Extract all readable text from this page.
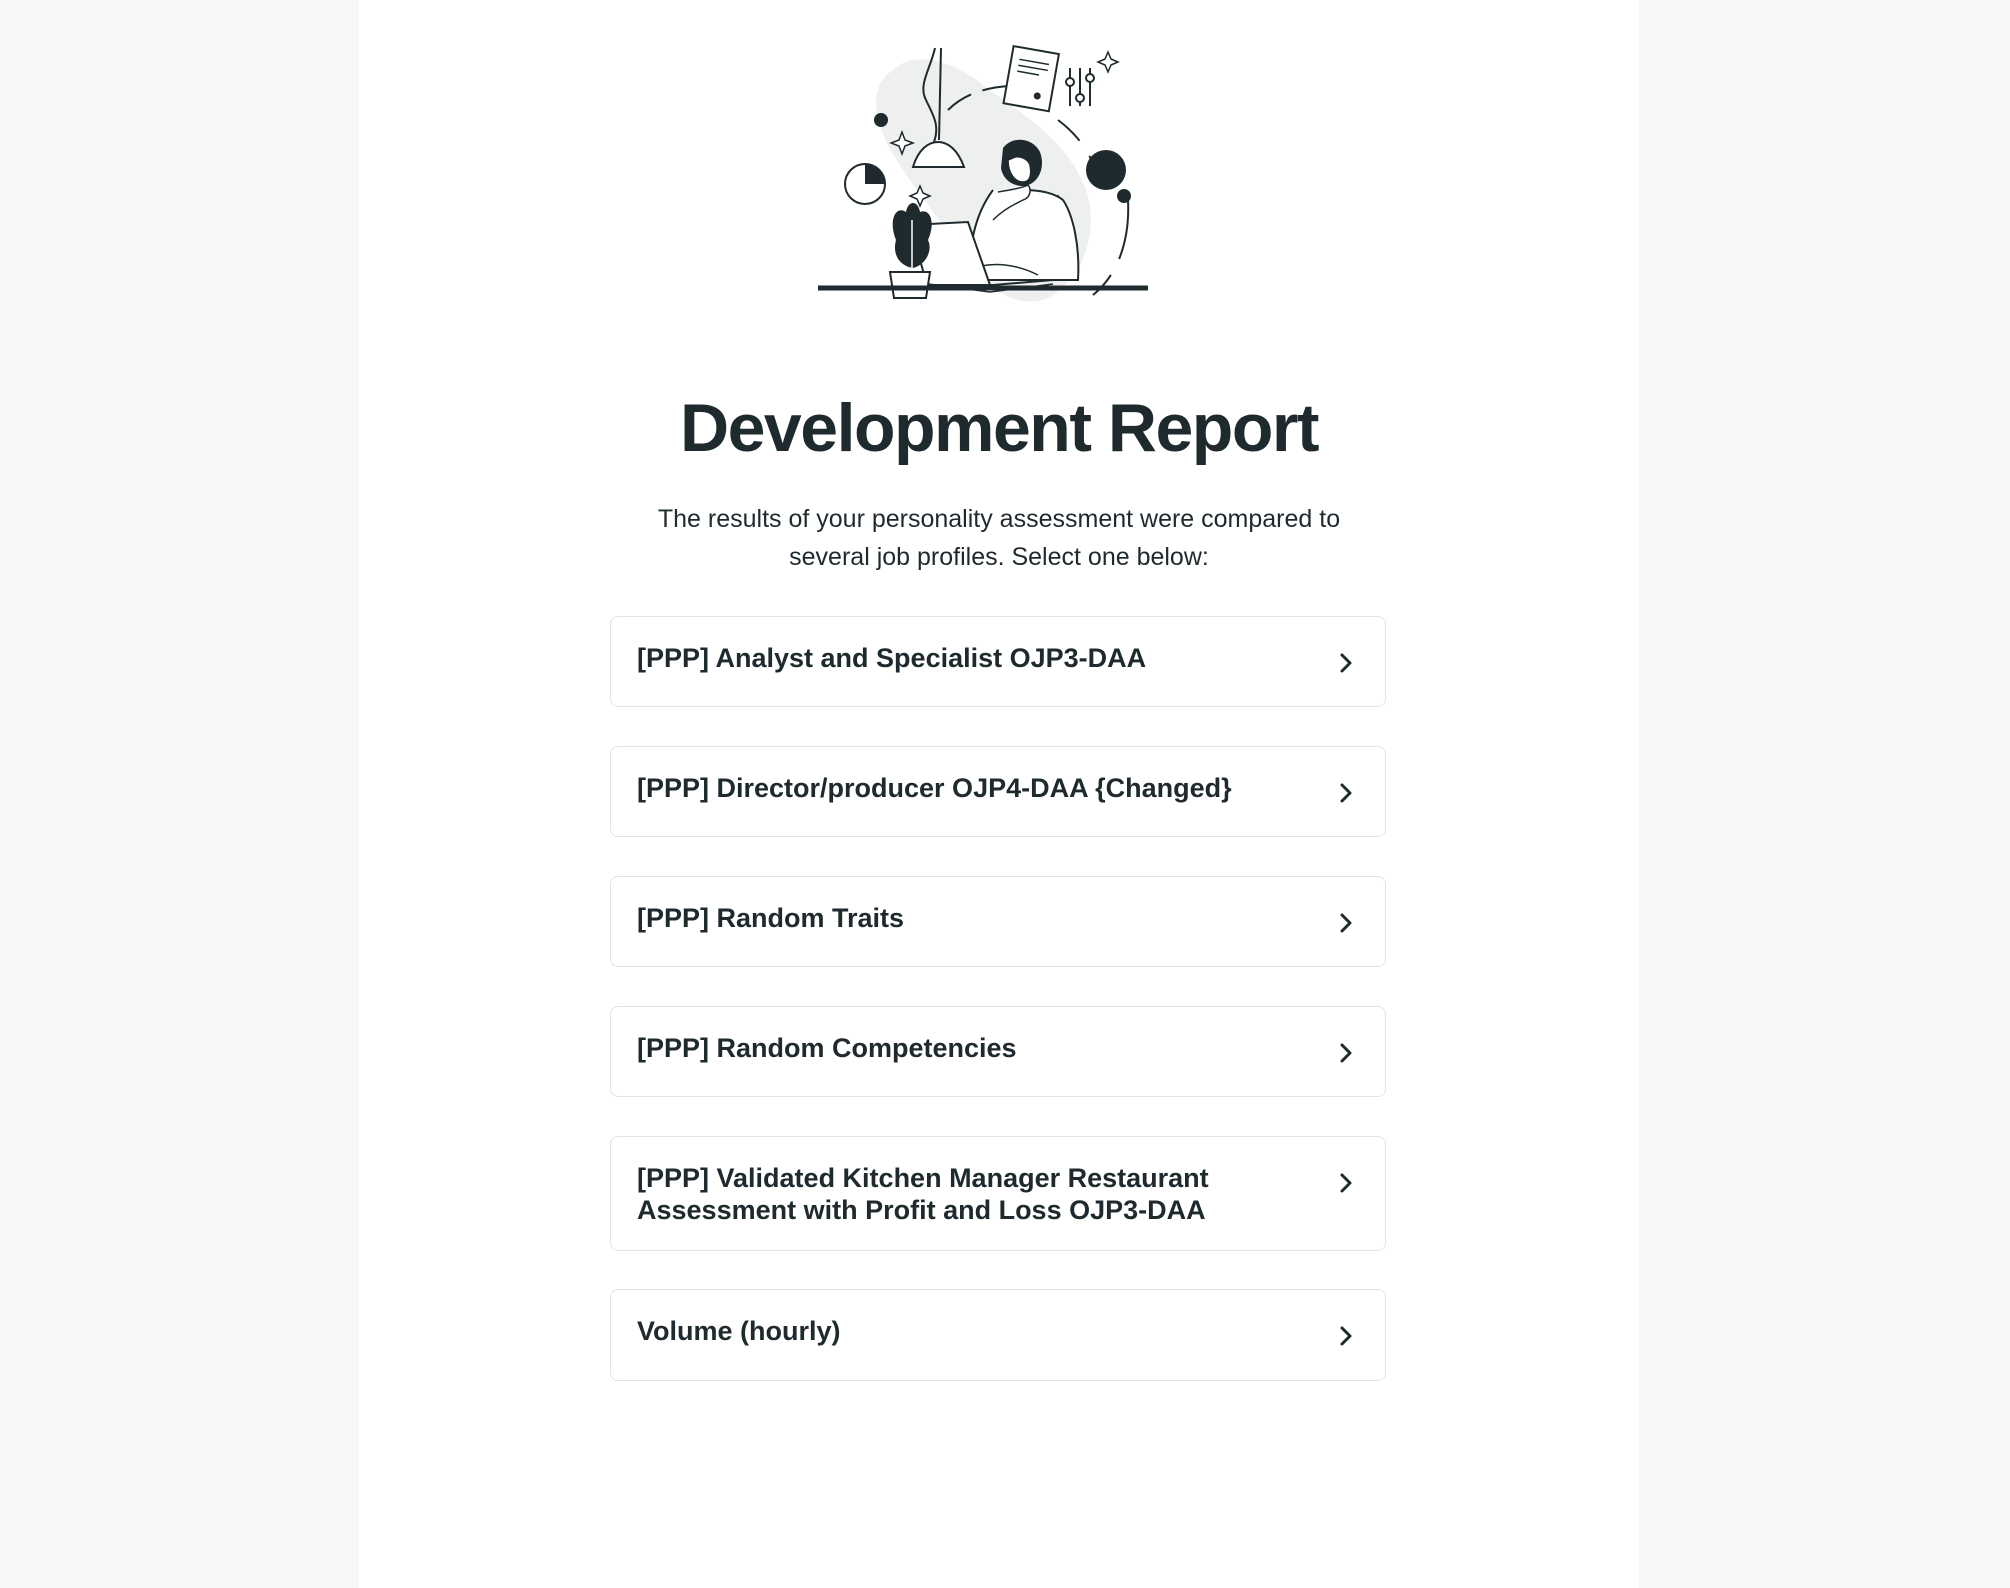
Development Report

The results of your personality assessment were compared to several job profiles. Select one below:

[PPP] Analyst and Specialist OJP3-DAA
[PPP] Director/producer OJP4-DAA {Changed}
[PPP] Random Traits
[PPP] Random Competencies
[PPP] Validated Kitchen Manager Restaurant Assessment with Profit and Loss OJP3-DAA
Volume (hourly)
